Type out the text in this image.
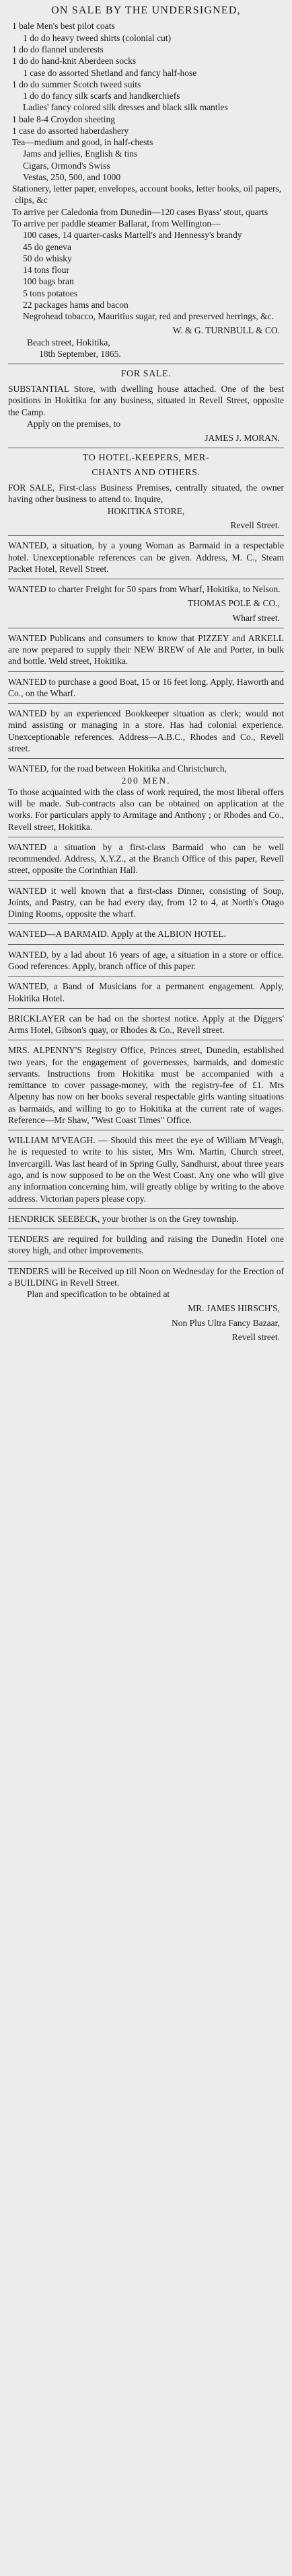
ON SALE BY THE UNDERSIGNED,
1 bale Men's best pilot coats
1 do do heavy tweed shirts (colonial cut)
1 do do flannel underests
1 do do hand-knit Aberdeen socks
1 case do assorted Shetland and fancy half-hose
1 do do summer Scotch tweed suits
1 do do fancy silk scarfs and handkerchiefs
Ladies' fancy colored silk dresses and black silk mantles
1 bale 8-4 Croydon sheeting
1 case do assorted haberdashery
Tea—medium and good, in half-chests
Jams and jellies, English & tins
Cigars, Ormond's Swiss
Vestas, 250, 500, and 1000
Stationery, letter paper, envelopes, account books, letter books, oil papers, clips, &c
To arrive per Caledonia from Dunedin—120 cases Byass' stout, quarts
To arrive per paddle steamer Ballarat, from Wellington—
100 cases, 14 quarter-casks Martell's and Hennessy's brandy
45 do geneva
50 do whisky
14 tons flour
100 bags bran
5 tons potatoes
22 packages hams and bacon
Negrohead tobacco, Mauritius sugar, red and preserved herrings, &c.
W. & G. TURNBULL & CO.
Beach street, Hokitika,
18th September, 1865.
FOR SALE.
SUBSTANTIAL Store, with dwelling house attached. One of the best positions in Hokitika for any business, situated in Revell Street, opposite the Camp.
Apply on the premises, to
JAMES J. MORAN.
TO HOTEL-KEEPERS, MER-
CHANTS AND OTHERS.
FOR SALE, First-class Business Premises, centrally situated, the owner having other business to attend to. Inquire,
HOKITIKA STORE,
Revell Street.
WANTED, a situation, by a young Woman as Barmaid in a respectable hotel. Unexceptionable references can be given. Address, M. C., Steam Packet Hotel, Revell Street.
WANTED to charter Freight for 50 spars from Wharf, Hokitika, to Nelson.
THOMAS POLE & CO.,
Wharf street.
WANTED Publicans and consumers to know that PIZZEY and ARKELL are now prepared to supply their NEW BREW of Ale and Porter, in bulk and bottle. Weld street, Hokitika.
WANTED to purchase a good Boat, 15 or 16 feet long. Apply, Haworth and Co., on the Wharf.
WANTED by an experienced Bookkeeper situation as clerk; would not mind assisting or managing in a store. Has had colonial experience. Unexceptionable references. Address—A.B.C., Rhodes and Co., Revell street.
WANTED, for the road between Hokitika and Christchurch,
200 MEN.
To those acquainted with the class of work required, the most liberal offers will be made. Sub-contracts also can be obtained on application at the works. For particulars apply to Armitage and Anthony ; or Rhodes and Co., Revell street, Hokitika.
WANTED a situation by a first-class Barmaid who can be well recommended. Address, X.Y.Z., at the Branch Office of this paper, Revell street, opposite the Corinthian Hall.
WANTED it well known that a first-class Dinner, consisting of Soup, Joints, and Pastry, can be had every day, from 12 to 4, at North's Otago Dining Rooms, opposite the wharf.
WANTED—A BARMAID. Apply at the ALBION HOTEL.
WANTED, by a lad about 16 years of age, a situation in a store or office. Good references. Apply, branch office of this paper.
WANTED, a Band of Musicians for a permanent engagement. Apply, Hokitika Hotel.
BRICKLAYER can be had on the shortest notice. Apply at the Diggers' Arms Hotel, Gibson's quay, or Rhodes & Co., Revell street.
MRS. ALPENNY'S Registry Office, Princes street, Dunedin, established two years, for the engagement of governesses, barmaids, and domestic servants. Instructions from Hokitika must be accompanied with a remittance to cover passage-money, with the registry-fee of £1. Mrs Alpenny has now on her books several respectable girls wanting situations as barmaids, and willing to go to Hokitika at the current rate of wages. Reference—Mr Shaw, "West Coast Times" Office.
WILLIAM M'VEAGH. — Should this meet the eye of William M'Veagh, he is requested to write to his sister, Mrs Wm. Martin, Church street, Invercargill. Was last heard of in Spring Gully, Sandhurst, about three years ago, and is now supposed to be on the West Coast. Any one who will give any information concerning him, will greatly oblige by writing to the above address. Victorian papers please copy.
HENDRICK SEEBECK, your brother is on the Grey township.
TENDERS are required for building and raising the Dunedin Hotel one storey high, and other improvements.
TENDERS will be Received up till Noon on Wednesday for the Erection of a BUILDING in Revell Street.
Plan and specification to be obtained at
MR. JAMES HIRSCH'S,
Non Plus Ultra Fancy Bazaar,
Revell street.
